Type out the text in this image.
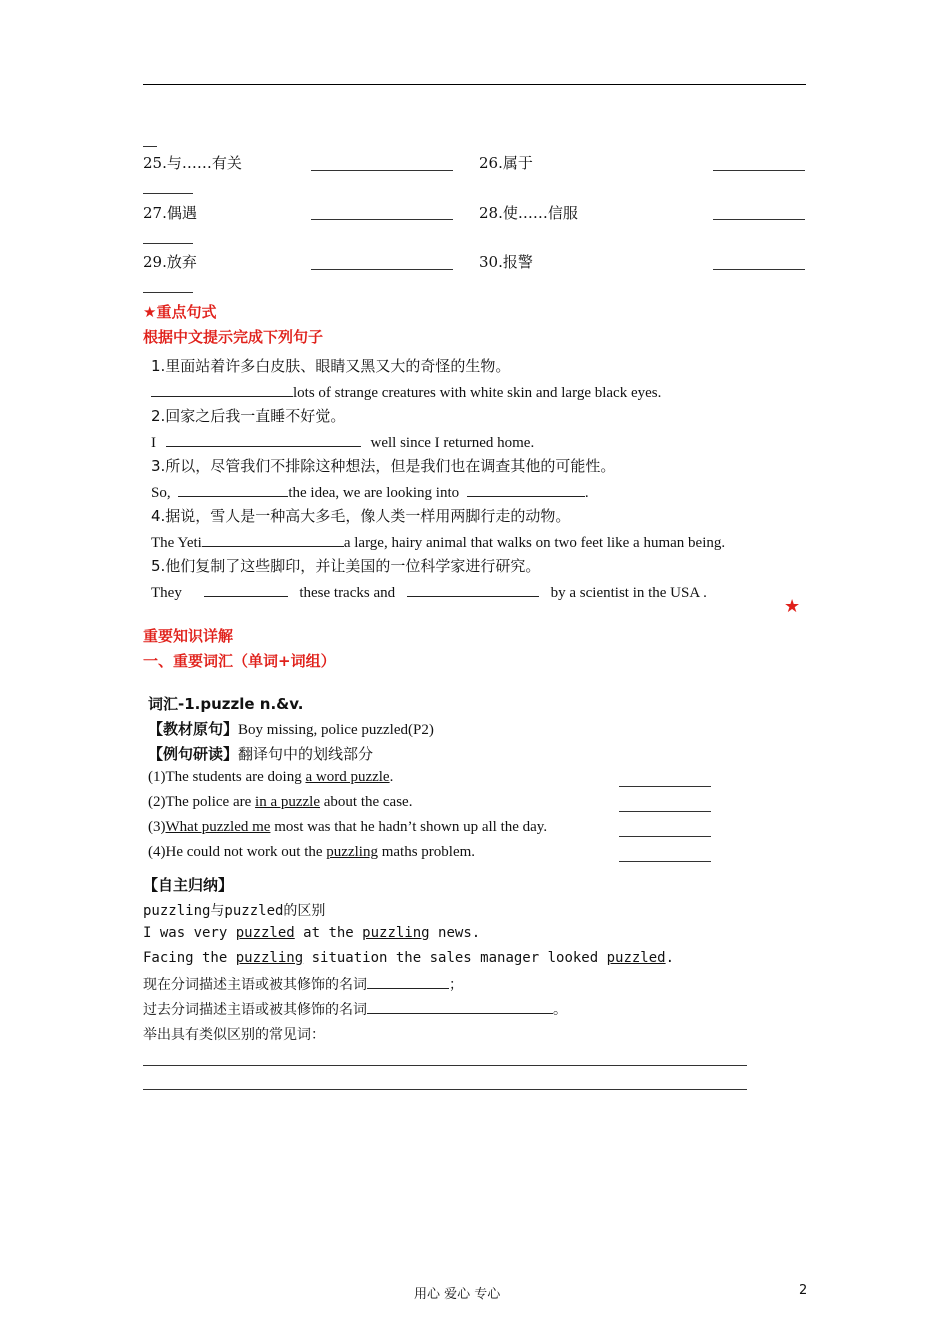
25.与……有关	26.属于
27.偶遇	28.使……信服
29.放弃	30.报警
★重点句式
根据中文提示完成下列句子
1.里面站着许多白皮肤、眼睛又黑又大的奇怪的生物。
lots of strange creatures with white skin and large black eyes.
2.回家之后我一直睡不好觉。
I	well since I returned home.
3.所以，尽管我们不排除这种想法，但是我们也在调查其他的可能性。
So,	the idea, we are looking into	.
4.据说，雪人是一种高大多毛，像人类一样用两脚行走的动物。
The Yeti	a large, hairy animal that walks on two feet like a human being.
5.他们复制了这些脚印，并让美国的一位科学家进行研究。
They	these tracks and	by a scientist in the USA .
★
重要知识详解
一、重要词汇（单词+词组）
词汇-1.puzzle n.&v.
【教材原句】Boy missing, police puzzled(P2)
【例句研读】翻译句中的划线部分
(1)The students are doing a word puzzle.
(2)The police are in a puzzle about the case.
(3)What puzzled me most was that he hadn’t shown up all the day.
(4)He could not work out the puzzling maths problem.
【自主归纳】
puzzling与puzzled的区别
I was very puzzled at the puzzling news.
Facing the puzzling situation the sales manager looked puzzled.
现在分词描述主语或被其修饰的名词	；
过去分词描述主语或被其修饰的名词	。
举出具有类似区别的常见词：
用心 爱心 专心	2
